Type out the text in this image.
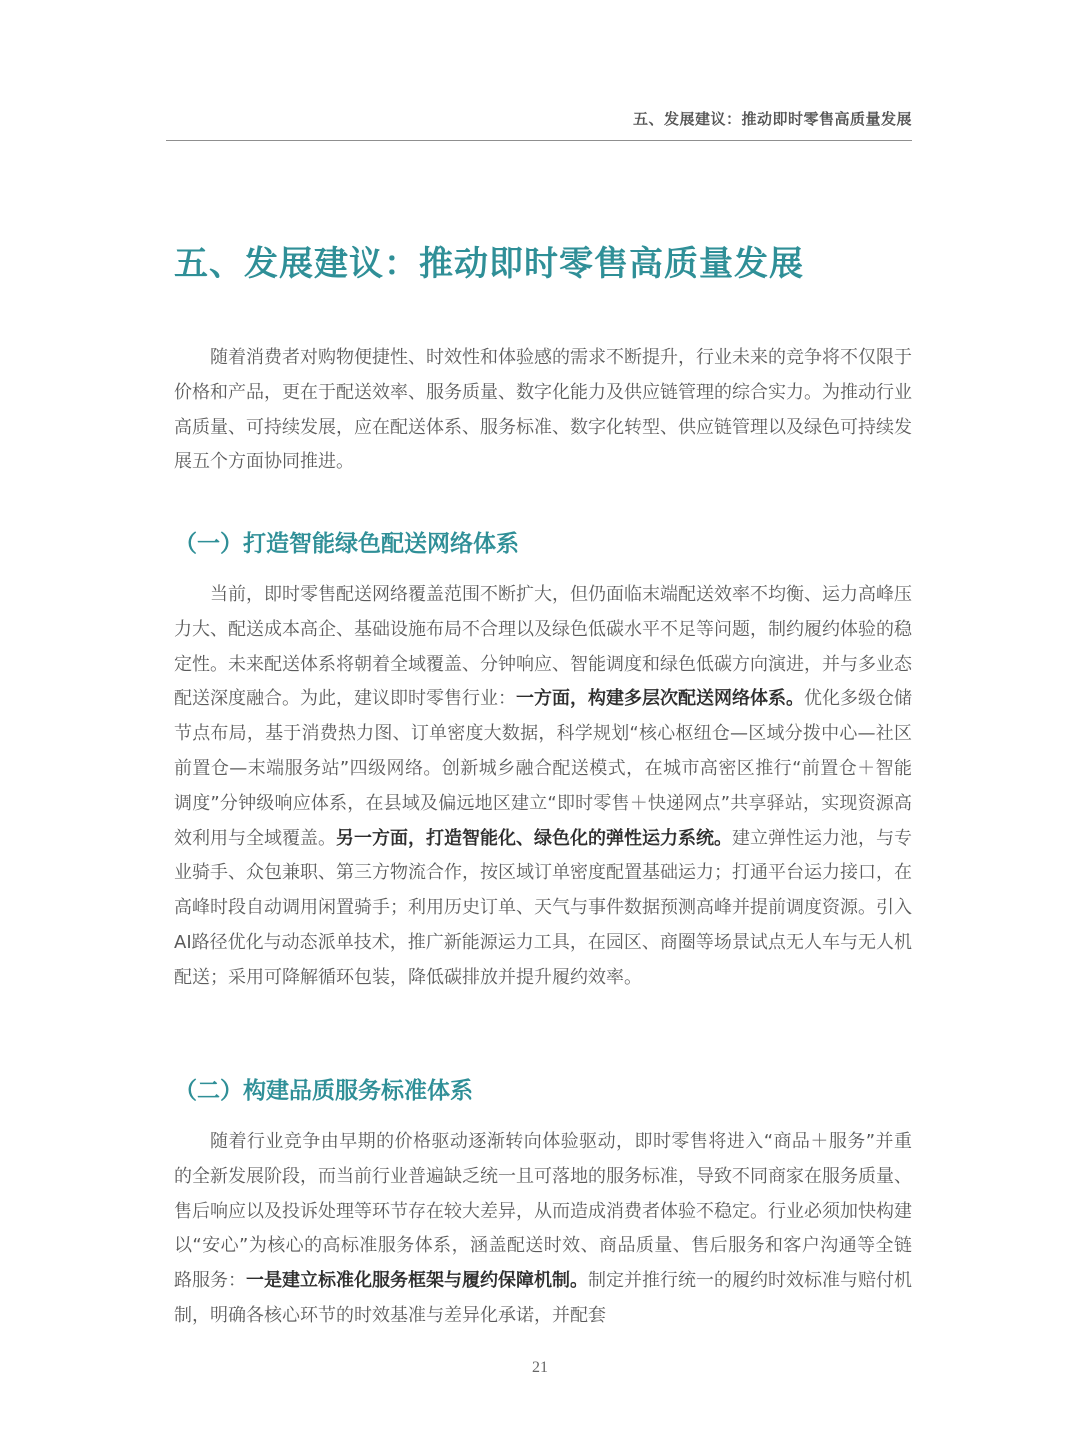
五、发展建议：推动即时零售高质量发展
五、发展建议：推动即时零售高质量发展

随着消费者对购物便捷性、时效性和体验感的需求不断提升，行业未来的竞争将不仅限于价格和产品，更在于配送效率、服务质量、数字化能力及供应链管理的综合实力。为推动行业高质量、可持续发展，应在配送体系、服务标准、数字化转型、供应链管理以及绿色可持续发展五个方面协同推进。

（一）打造智能绿色配送网络体系

当前，即时零售配送网络覆盖范围不断扩大，但仍面临末端配送效率不均衡、运力高峰压力大、配送成本高企、基础设施布局不合理以及绿色低碳水平不足等问题，制约履约体验的稳定性。未来配送体系将朝着全域覆盖、分钟响应、智能调度和绿色低碳方向演进，并与多业态配送深度融合。为此，建议即时零售行业：一方面，构建多层次配送网络体系。优化多级仓储节点布局，基于消费热力图、订单密度大数据，科学规划“核心枢纽仓—区域分拨中心—社区前置仓—末端服务站”四级网络。创新城乡融合配送模式，在城市高密区推行“前置仓＋智能调度”分钟级响应体系，在县域及偏远地区建立“即时零售＋快递网点”共享驿站，实现资源高效利用与全域覆盖。另一方面，打造智能化、绿色化的弹性运力系统。建立弹性运力池，与专业骑手、众包兼职、第三方物流合作，按区域订单密度配置基础运力；打通平台运力接口，在高峰时段自动调用闲置骑手；利用历史订单、天气与事件数据预测高峰并提前调度资源。引入AI路径优化与动态派单技术，推广新能源运力工具，在园区、商圈等场景试点无人车与无人机配送；采用可降解循环包装，降低碳排放并提升履约效率。

（二）构建品质服务标准体系

随着行业竞争由早期的价格驱动逐渐转向体验驱动，即时零售将进入“商品＋服务”并重的全新发展阶段，而当前行业普遍缺乏统一且可落地的服务标准，导致不同商家在服务质量、售后响应以及投诉处理等环节存在较大差异，从而造成消费者体验不稳定。行业必须加快构建以“安心”为核心的高标准服务体系，涵盖配送时效、商品质量、售后服务和客户沟通等全链路服务：一是建立标准化服务框架与履约保障机制。制定并推行统一的履约时效标准与赔付机制，明确各核心环节的时效基准与差异化承诺，并配套

21
